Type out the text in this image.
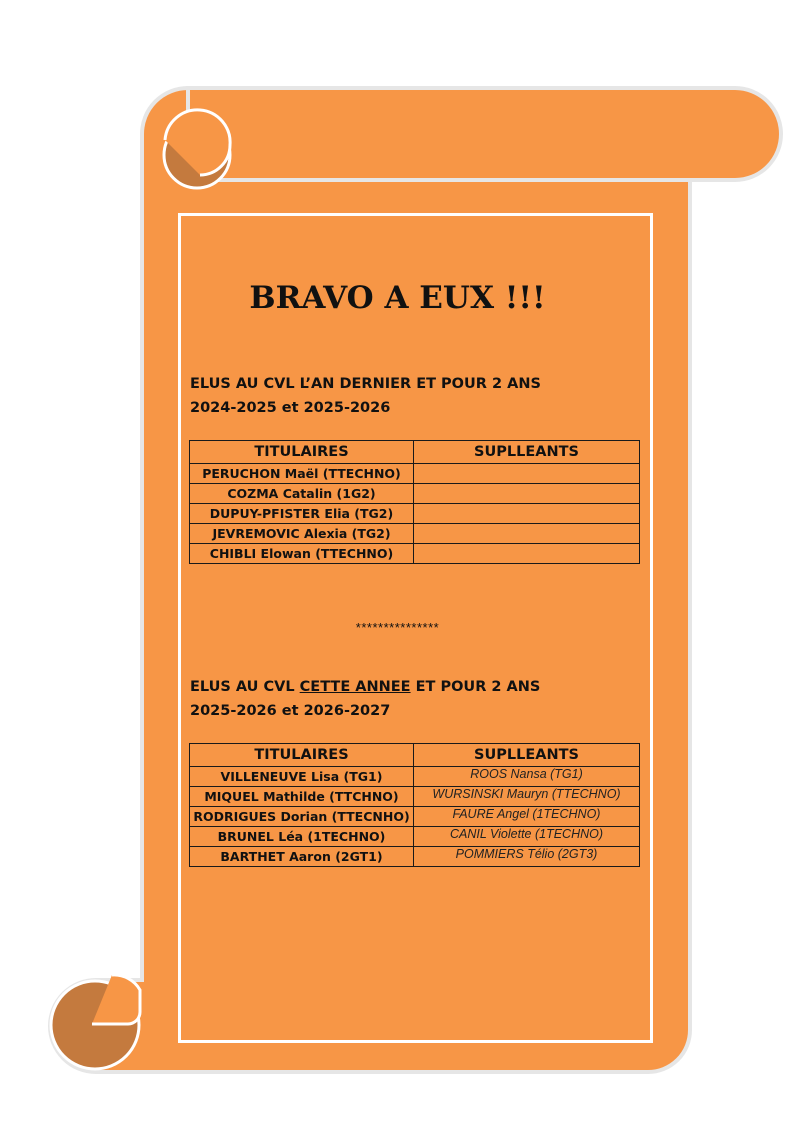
BRAVO A EUX !!!
ELUS AU CVL L’AN DERNIER ET POUR 2 ANS
2024-2025 et 2025-2026
TITULAIRES	SUPLLEANTS
PERUCHON Maël (TTECHNO)	
COZMA Catalin (1G2)	
DUPUY-PFISTER Elia (TG2)	
JEVREMOVIC Alexia (TG2)	
CHIBLI Elowan (TTECHNO)	
***************
ELUS AU CVL CETTE ANNEE ET POUR 2 ANS
2025-2026 et 2026-2027
TITULAIRES	SUPLLEANTS
VILLENEUVE Lisa (TG1)	ROOS Nansa (TG1)
MIQUEL Mathilde (TTCHNO)	WURSINSKI Mauryn (TTECHNO)
RODRIGUES Dorian (TTECNHO)	FAURE Angel (1TECHNO)
BRUNEL Léa (1TECHNO)	CANIL Violette (1TECHNO)
BARTHET Aaron (2GT1)	POMMIERS Télio (2GT3)
